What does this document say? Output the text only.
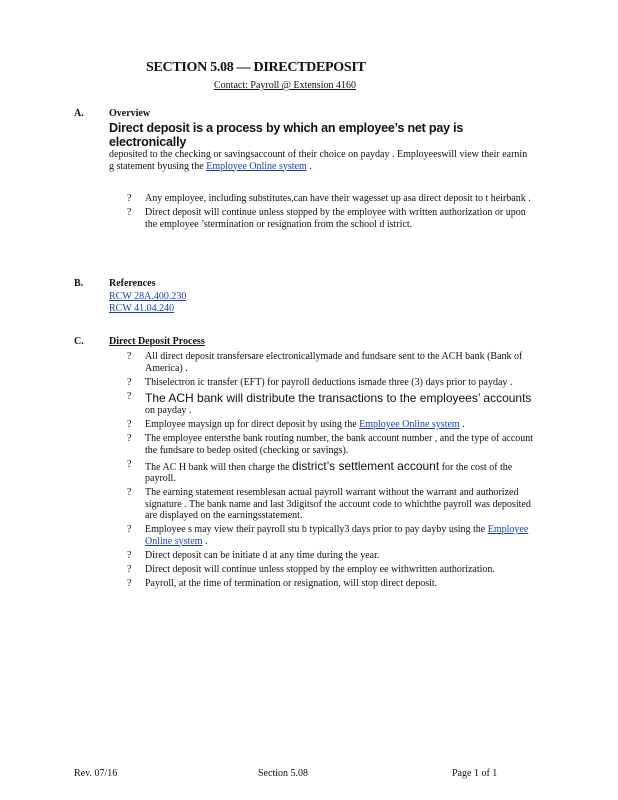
SECTION 5.08 — DIRECTDEPOSIT
Contact: Payroll @ Extension 4160
A.	Overview
Direct deposit is a process by which an employee’s net pay is electronically
deposited to the checking or savingsaccount of their choice on payday . Employeeswill view their earnin g statement byusing the Employee Online system .
? Any employee, including substitutes,can have their wagesset up asa direct deposit to t heirbank .
? Direct deposit will continue unless stopped by the employee with written authorization or upon the employee ’stermination or resignation from the school d istrict.
B.	References
RCW 28A.400.230
RCW 41.04.240
C.	Direct Deposit Process
? All direct deposit transfersare electronicallymade and fundsare sent to the ACH bank (Bank of America) .
? Thiselectron ic transfer (EFT) for payroll deductions ismade three (3) days prior to payday .
? The ACH bank will distribute the transactions to the employees’ accounts
on payday .
? Employee maysign up for direct deposit by using the Employee Online system .
? The employee entersthe bank routing number, the bank account number , and the type of account the fundsare to bedep osited (checking or savings).
? The AC H bank will then charge the district’s settlement account for the cost of the payroll.
? The earning statement resemblesan actual payroll warrant without the warrant and authorized signature . The bank name and last 3digitsof the account code to whichthe payroll was deposited are displayed on the earningsstatement.
? Employee s may view their payroll stu b typically3 days prior to pay dayby using the Employee Online system .
? Direct deposit can be initiate d at any time during the year.
? Direct deposit will continue unless stopped by the employ ee withwritten authorization.
? Payroll, at the time of termination or resignation, will stop direct deposit.
Rev. 07/16	Section 5.08	Page 1 of 1
